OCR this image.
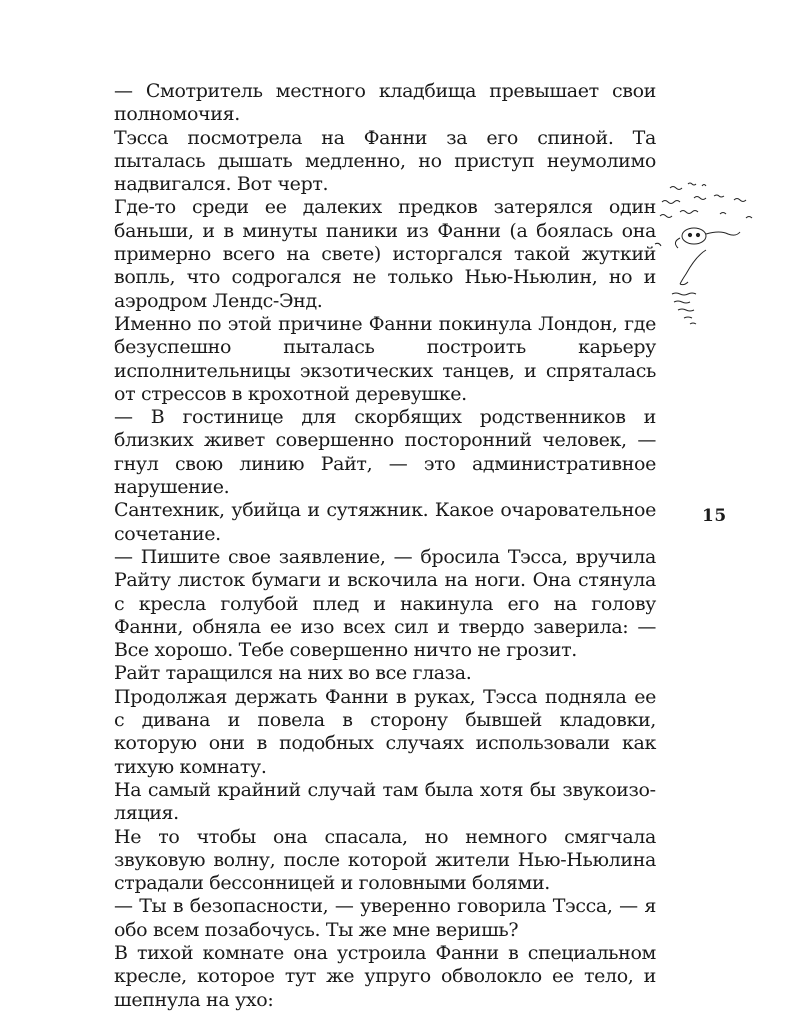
— Смотритель местного кладбища превышает свои полномочия.

Тэсса посмотрела на Фанни за его спиной. Та пыталась дышать медленно, но приступ неумолимо надвигался. Вот черт.

Где-то среди ее далеких предков затерялся один баньши, и в минуты паники из Фанни (а боялась она примерно всего на свете) исторгался такой жуткий вопль, что содрогался не только Нью-Ньюлин, но и аэродром Лендс-Энд.

Именно по этой причине Фанни покинула Лондон, где безуспешно пыталась построить карьеру исполнительницы экзотических танцев, и спряталась от стрессов в крохотной деревушке.

— В гостинице для скорбящих родственников и близких живет совершенно посторонний человек, — гнул свою линию Райт, — это административное нарушение.

Сантехник, убийца и сутяжник. Какое очаровательное сочетание.

— Пишите свое заявление, — бросила Тэсса, вручила Райту листок бумаги и вскочила на ноги. Она стянула с кресла голубой плед и накинула его на голову Фанни, обняла ее изо всех сил и твердо заверила: — Все хорошо. Тебе совершенно ничто не грозит.

Райт таращился на них во все глаза.

Продолжая держать Фанни в руках, Тэсса подняла ее с дивана и повела в сторону бывшей кладовки, которую они в подобных случаях использовали как тихую комнату.

На самый крайний случай там была хотя бы звукоизоляция.

Не то чтобы она спасала, но немного смягчала звуковую волну, после которой жители Нью-Ньюлина страдали бессонницей и головными болями.

— Ты в безопасности, — уверенно говорила Тэсса, — я обо всем позабочусь. Ты же мне веришь?

В тихой комнате она устроила Фанни в специальном кресле, которое тут же упруго обволокло ее тело, и шепнула на ухо:

15
